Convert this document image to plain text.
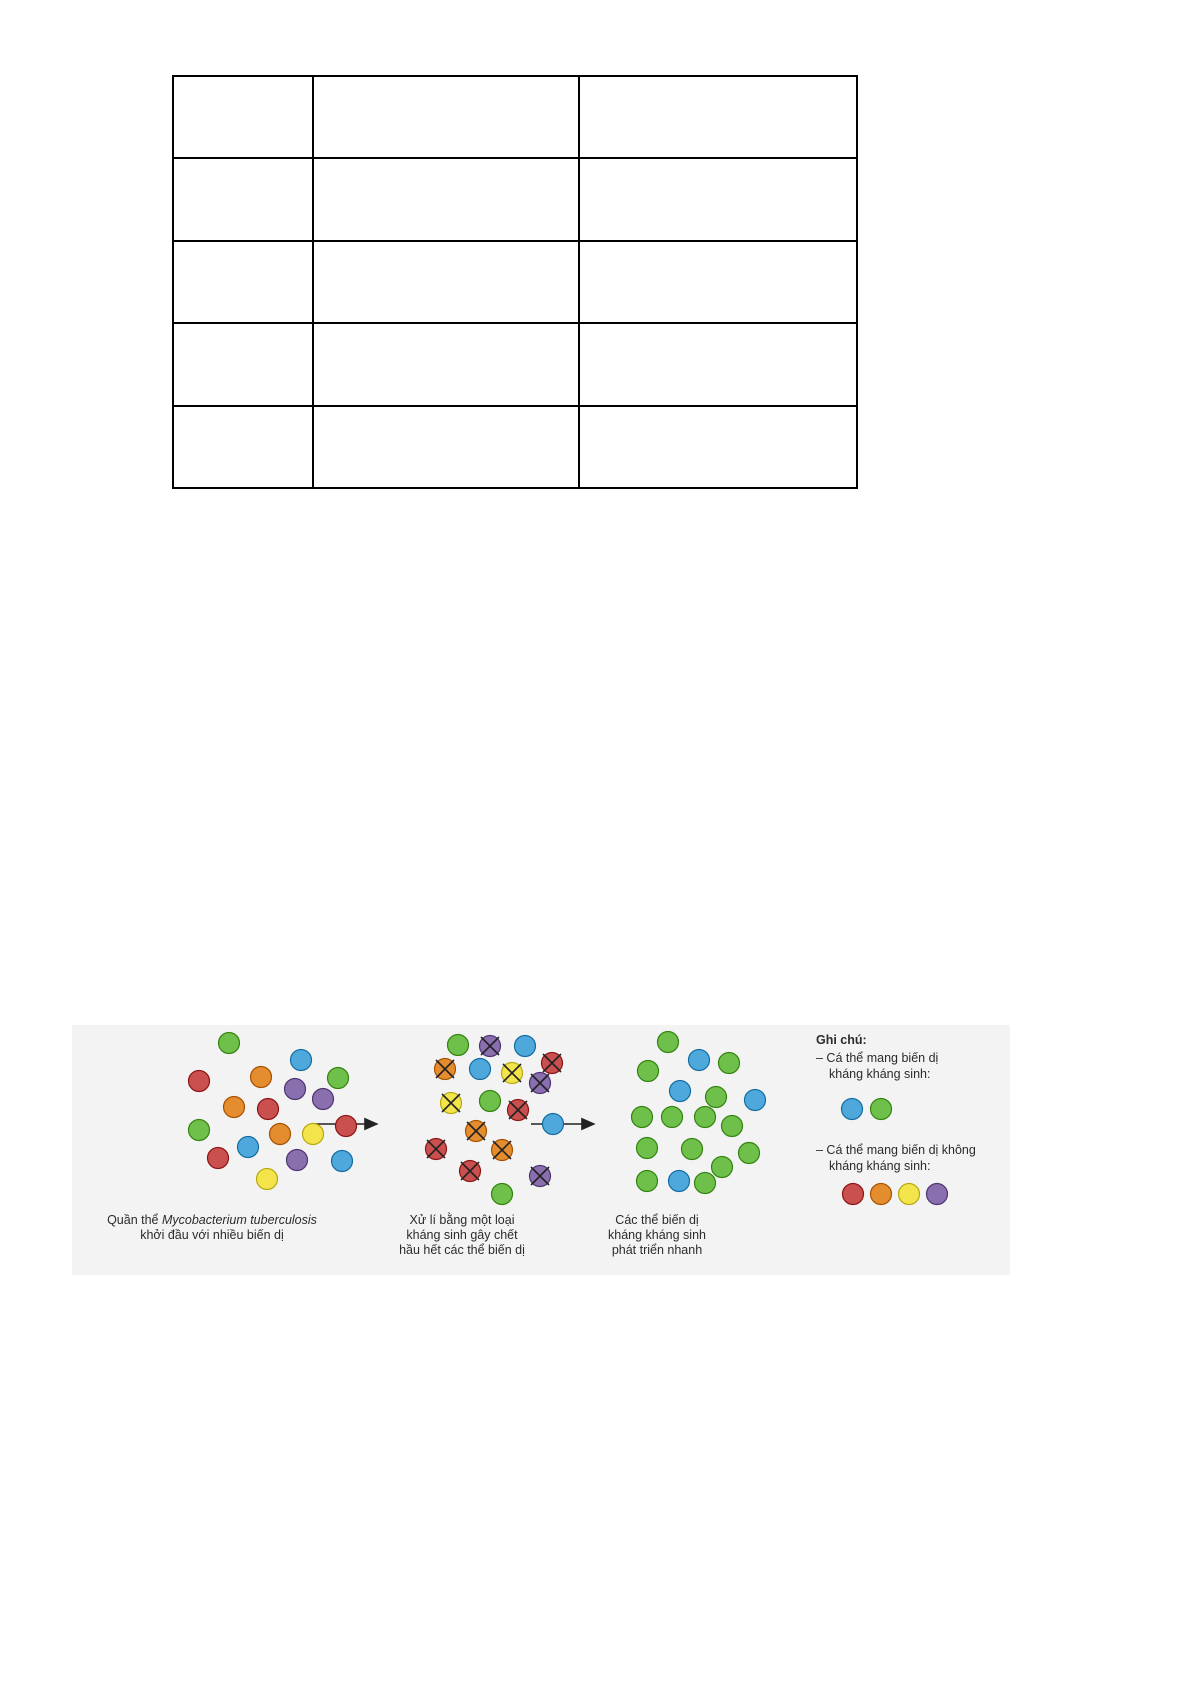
Quần thể Mycobacterium tuberculosis
khởi đầu với nhiều biến dị
Xử lí bằng một loại
kháng sinh gây chết
hầu hết các thể biến dị
Các thể biến dị
kháng kháng sinh
phát triển nhanh
Ghi chú:
– Cá thể mang biến dị
kháng kháng sinh:
– Cá thể mang biến dị không
kháng kháng sinh:
